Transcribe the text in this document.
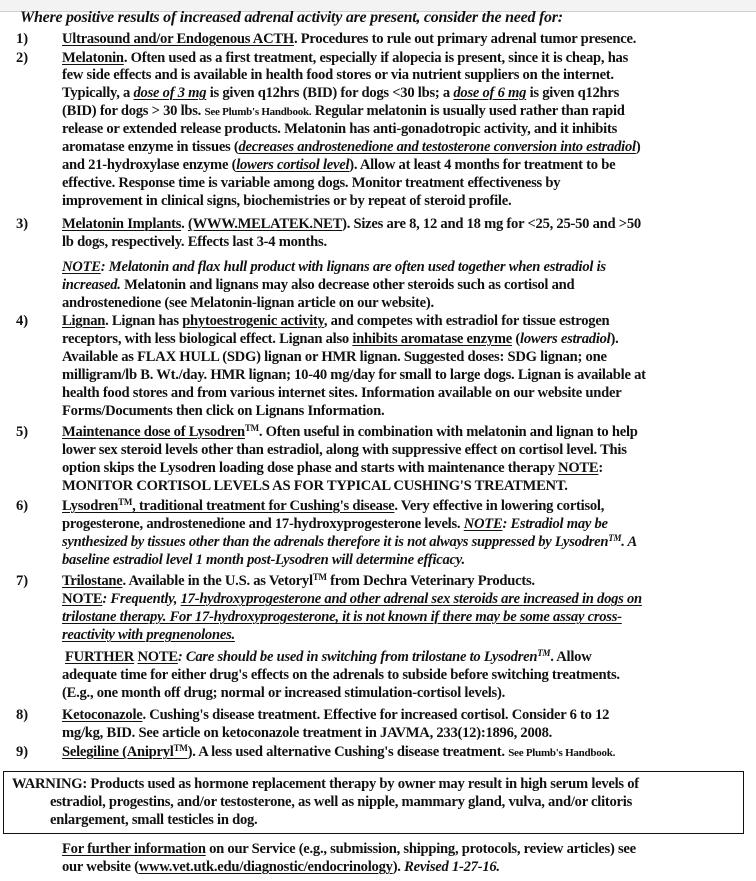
Where positive results of increased adrenal activity are present, consider the need for:
1) Ultrasound and/or Endogenous ACTH. Procedures to rule out primary adrenal tumor presence.
2) Melatonin. Often used as a first treatment, especially if alopecia is present, since it is cheap, has
few side effects and is available in health food stores or via nutrient suppliers on the internet.
Typically, a dose of 3 mg is given q12hrs (BID) for dogs <30 lbs; a dose of 6 mg is given q12hrs
(BID) for dogs > 30 lbs. See Plumb's Handbook. Regular melatonin is usually used rather than rapid
release or extended release products. Melatonin has anti-gonadotropic activity, and it inhibits
aromatase enzyme in tissues (decreases androstenedione and testosterone conversion into estradiol)
and 21-hydroxylase enzyme (lowers cortisol level). Allow at least 4 months for treatment to be
effective. Response time is variable among dogs. Monitor treatment effectiveness by
improvement in clinical signs, biochemistries or by repeat of steroid profile.
3) Melatonin Implants. (WWW.MELATEK.NET). Sizes are 8, 12 and 18 mg for <25, 25-50 and >50
lb dogs, respectively. Effects last 3-4 months.
NOTE: Melatonin and flax hull product with lignans are often used together when estradiol is
increased. Melatonin and lignans may also decrease other steroids such as cortisol and
androstenedione (see Melatonin-lignan article on our website).
4) Lignan. Lignan has phytoestrogenic activity, and competes with estradiol for tissue estrogen
receptors, with less biological effect. Lignan also inhibits aromatase enzyme (lowers estradiol).
Available as FLAX HULL (SDG) lignan or HMR lignan. Suggested doses: SDG lignan; one
milligram/lb B. Wt./day. HMR lignan; 10-40 mg/day for small to large dogs. Lignan is available at
health food stores and from various internet sites. Information available on our website under
Forms/Documents then click on Lignans Information.
5) Maintenance dose of Lysodren™. Often useful in combination with melatonin and lignan to help
lower sex steroid levels other than estradiol, along with suppressive effect on cortisol level. This
option skips the Lysodren loading dose phase and starts with maintenance therapy NOTE:
MONITOR CORTISOL LEVELS AS FOR TYPICAL CUSHING'S TREATMENT.
6) Lysodren™, traditional treatment for Cushing's disease. Very effective in lowering cortisol,
progesterone, androstenedione and 17-hydroxyprogesterone levels. NOTE: Estradiol may be
synthesized by tissues other than the adrenals therefore it is not always suppressed by Lysodren™. A
baseline estradiol level 1 month post-Lysodren will determine efficacy.
7) Trilostane. Available in the U.S. as Vetoryl™ from Dechra Veterinary Products.
NOTE: Frequently, 17-hydroxyprogesterone and other adrenal sex steroids are increased in dogs on
trilostane therapy. For 17-hydroxyprogesterone, it is not known if there may be some assay cross-
reactivity with pregnenolones.
FURTHER NOTE: Care should be used in switching from trilostane to Lysodren™. Allow
adequate time for either drug's effects on the adrenals to subside before switching treatments.
(E.g., one month off drug; normal or increased stimulation-cortisol levels).
8) Ketoconazole. Cushing's disease treatment. Effective for increased cortisol. Consider 6 to 12
mg/kg, BID. See article on ketoconazole treatment in JAVMA, 233(12):1896, 2008.
9) Selegiline (Anipryl™). A less used alternative Cushing's disease treatment. See Plumb's Handbook.
WARNING: Products used as hormone replacement therapy by owner may result in high serum levels of
estradiol, progestins, and/or testosterone, as well as nipple, mammary gland, vulva, and/or clitoris
enlargement, small testicles in dog.
For further information on our Service (e.g., submission, shipping, protocols, review articles) see
our website (www.vet.utk.edu/diagnostic/endocrinology). Revised 1-27-16.
